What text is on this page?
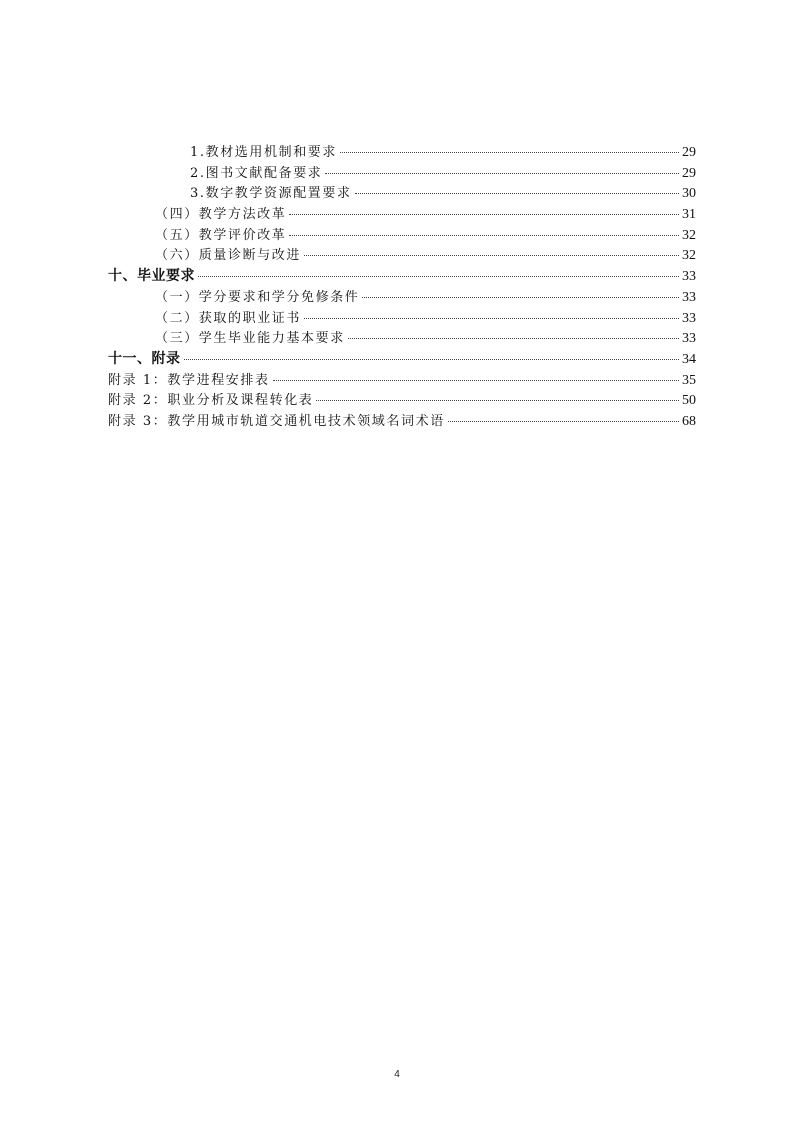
1.教材选用机制和要求	29
2.图书文献配备要求	29
3.数字教学资源配置要求	30
（四）教学方法改革	31
（五）教学评价改革	32
（六）质量诊断与改进	32
十、毕业要求	33
（一）学分要求和学分免修条件	33
（二）获取的职业证书	33
（三）学生毕业能力基本要求	33
十一、附录	34
附录 1：教学进程安排表	35
附录 2：职业分析及课程转化表	50
附录 3：教学用城市轨道交通机电技术领域名词术语	68
4
